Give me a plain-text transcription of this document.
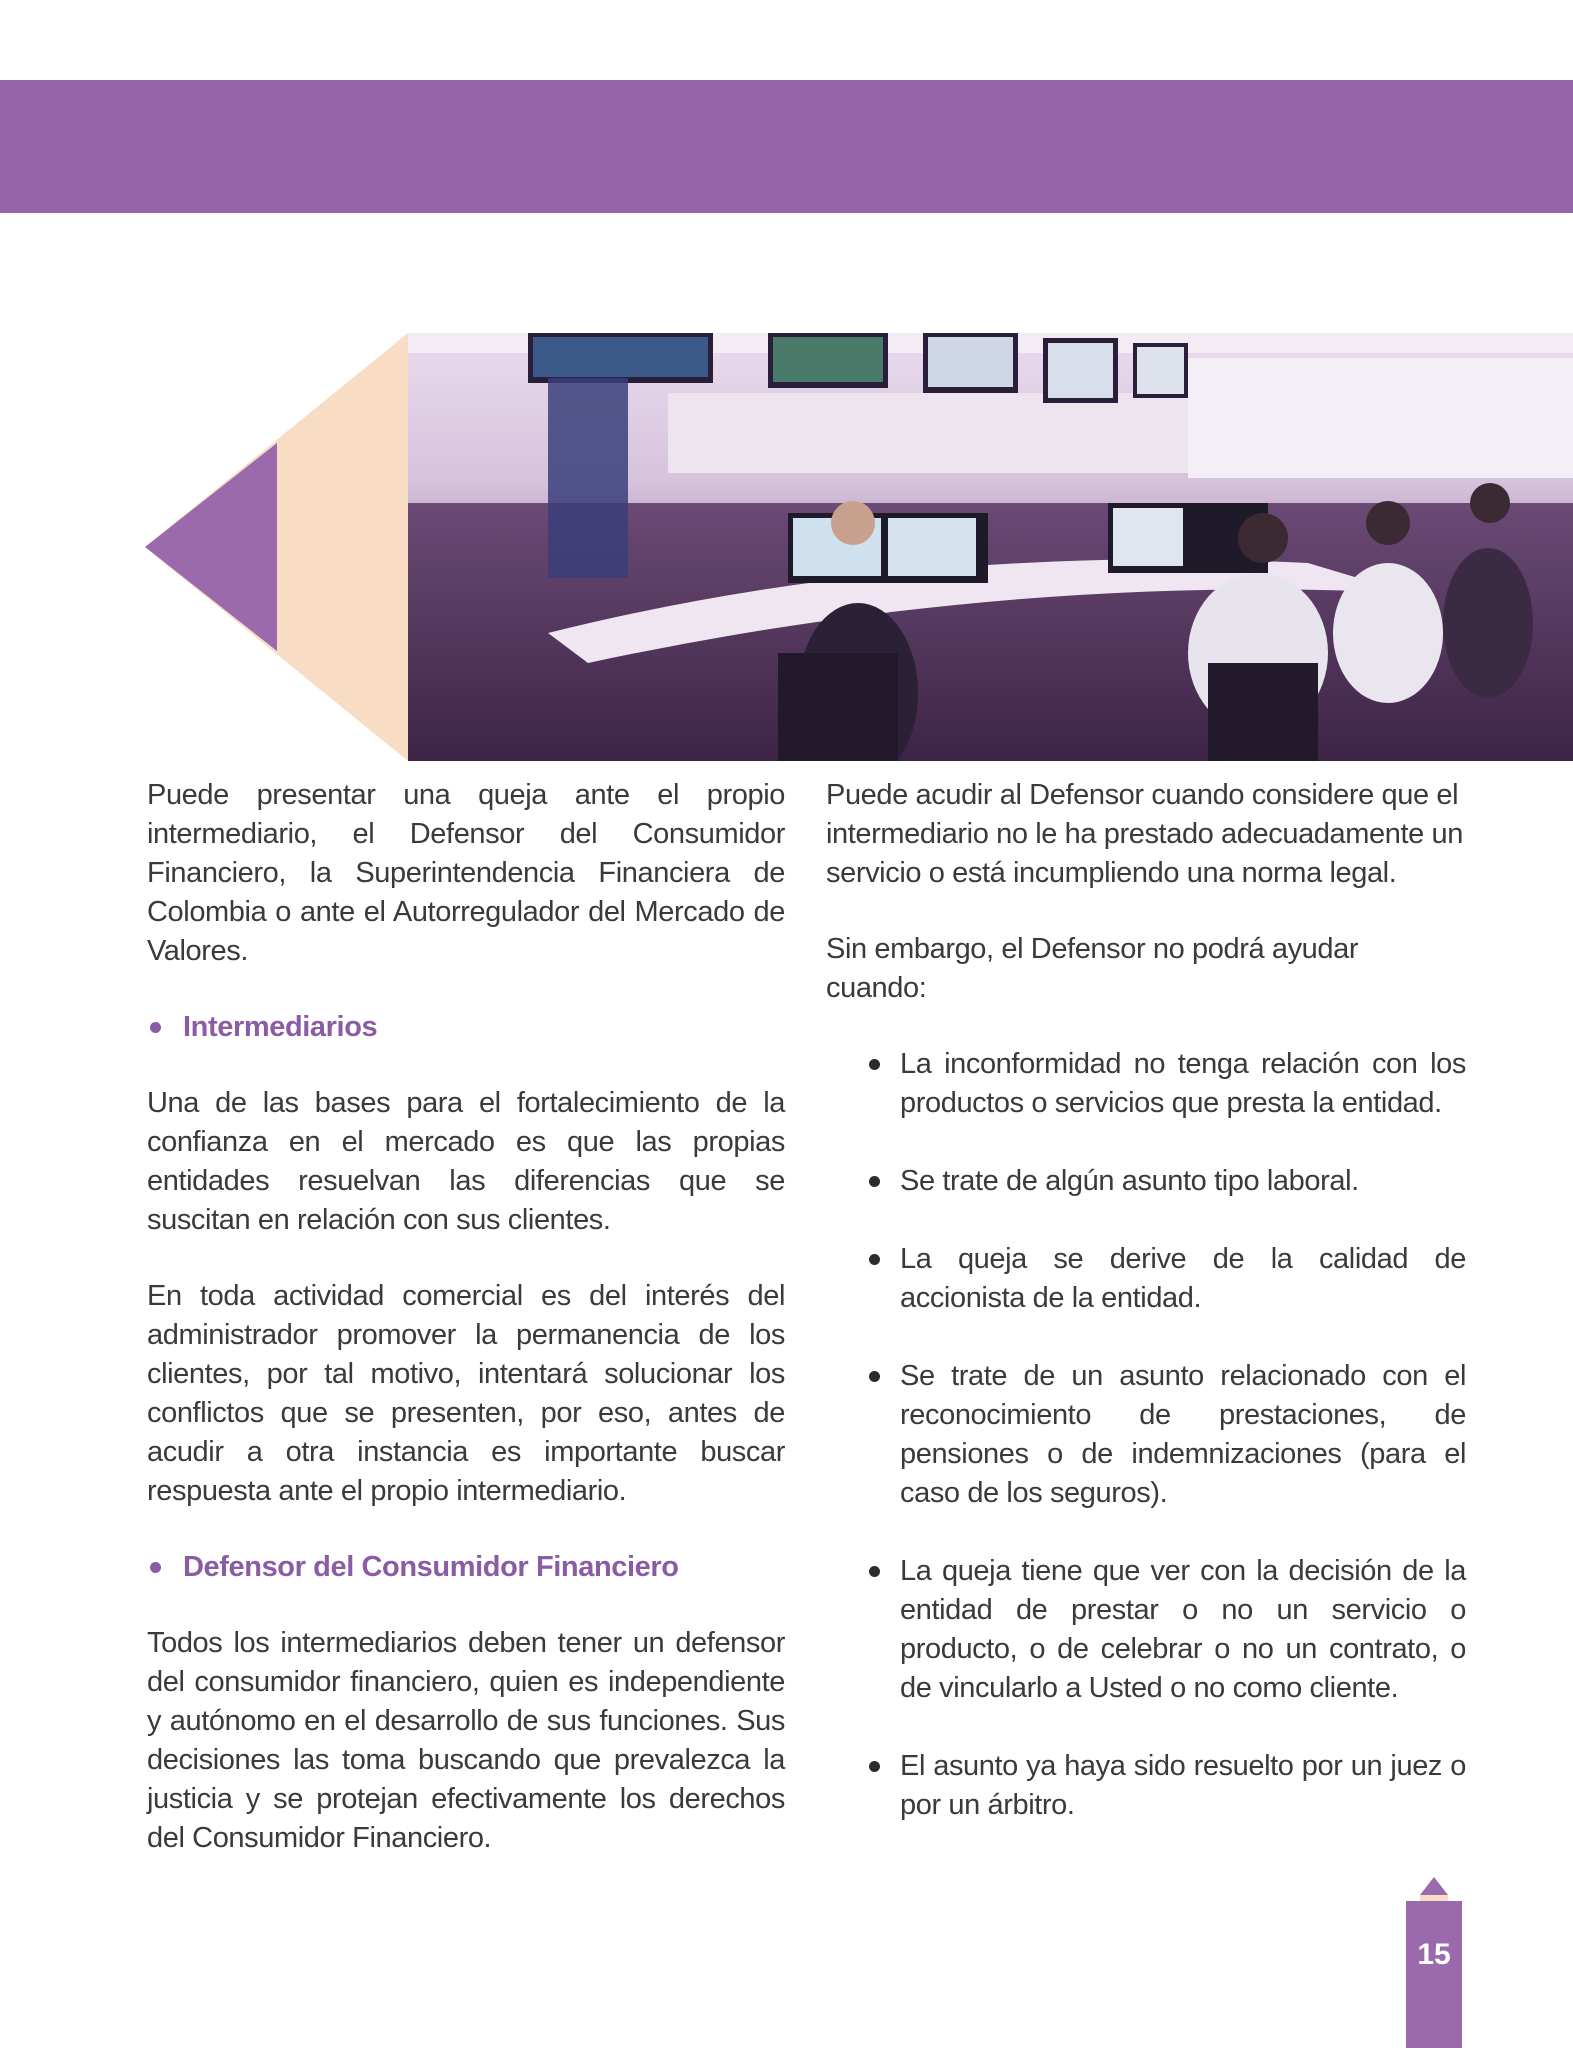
Puede presentar una queja ante el propio intermediario, el Defensor del Consumidor Financiero, la Superintendencia Financiera de Colombia o ante el Autorregulador del Mercado de Valores.

Intermediarios

Una de las bases para el fortalecimiento de la confianza en el mercado es que las propias entidades resuelvan las diferencias que se suscitan en relación con sus clientes.

En toda actividad comercial es del interés del administrador promover la permanencia de los clientes, por tal motivo, intentará solucionar los conflictos que se presenten, por eso, antes de acudir a otra instancia es importante buscar respuesta ante el propio intermediario.

Defensor del Consumidor Financiero

Todos los intermediarios deben tener un defensor del consumidor financiero, quien es independiente y autónomo en el desarrollo de sus funciones. Sus decisiones las toma buscando que prevalezca la justicia y se protejan efectivamente los derechos del Consumidor Financiero.

Puede acudir al Defensor cuando considere que el intermediario no le ha prestado adecuadamente un servicio o está incumpliendo una norma legal.

Sin embargo, el Defensor no podrá ayudar cuando:

La inconformidad no tenga relación con los productos o servicios que presta la entidad.
Se trate de algún asunto tipo laboral.
La queja se derive de la calidad de accionista de la entidad.
Se trate de un asunto relacionado con el reconocimiento de prestaciones, de pensiones o de indemnizaciones (para el caso de los seguros).
La queja tiene que ver con la decisión de la entidad de prestar o no un servicio o producto, o de celebrar o no un contrato, o de vincularlo a Usted o no como cliente.
El asunto ya haya sido resuelto por un juez o por un árbitro.
15
